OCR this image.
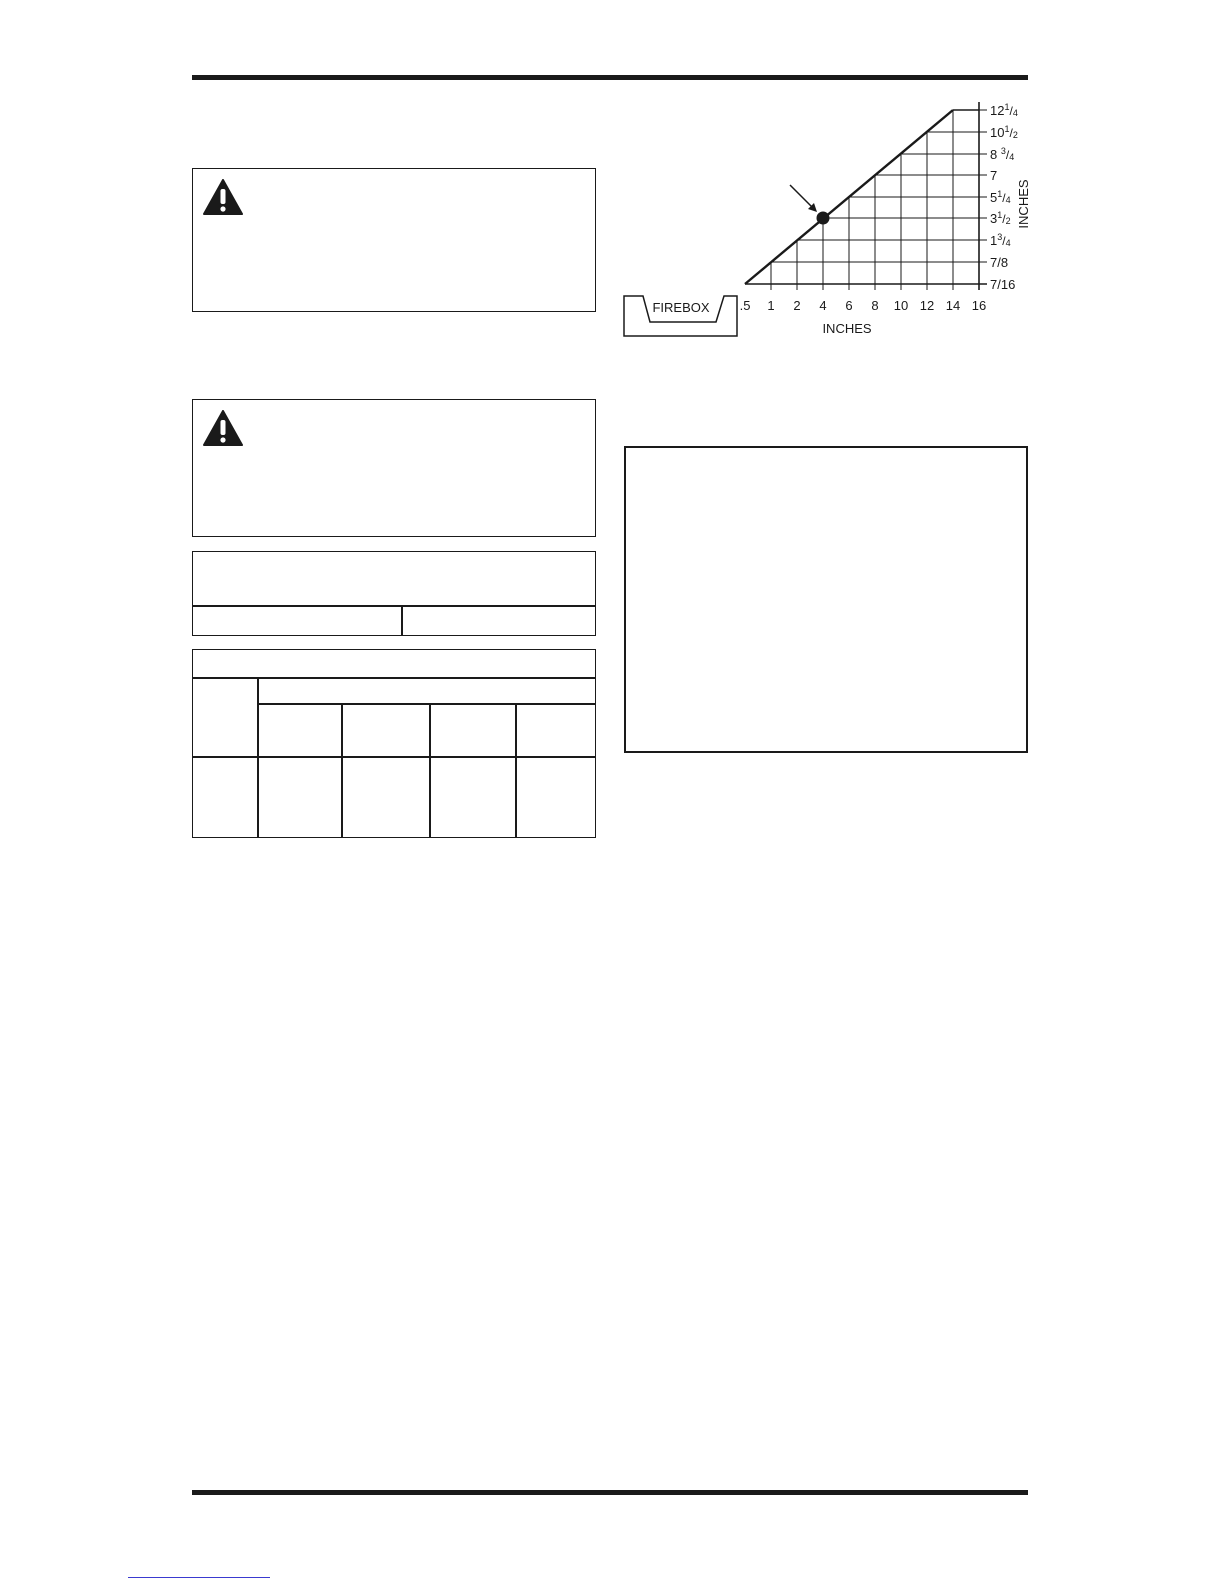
.5 1 2 4 6 8 10 12 14 16
7/16
7/8
$1^3/4$
$3^1/2$
$5^1/4$
7
8 $^3$/4
$10^1/2$
$12^1/4$
FIREBOX
INCHES
INCHES
